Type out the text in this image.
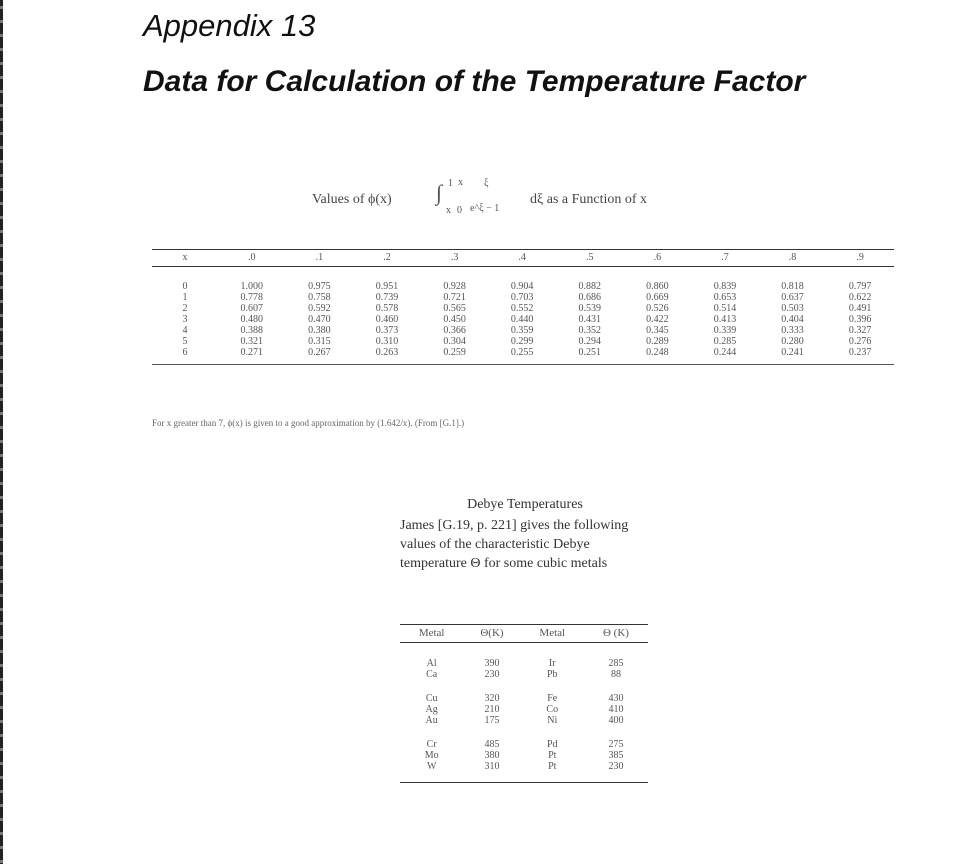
Appendix 13
Data for Calculation of the Temperature Factor
Values of ϕ(x)
1
x
∫ x
0
ξ
e^ξ − 1
dξ as a Function of x
x	.0	.1	.2	.3	.4	.5	.6	.7	.8	.9
0	1.000	0.975	0.951	0.928	0.904	0.882	0.860	0.839	0.818	0.797
1	0.778	0.758	0.739	0.721	0.703	0.686	0.669	0.653	0.637	0.622
2	0.607	0.592	0.578	0.565	0.552	0.539	0.526	0.514	0.503	0.491
3	0.480	0.470	0.460	0.450	0.440	0.431	0.422	0.413	0.404	0.396
4	0.388	0.380	0.373	0.366	0.359	0.352	0.345	0.339	0.333	0.327
5	0.321	0.315	0.310	0.304	0.299	0.294	0.289	0.285	0.280	0.276
6	0.271	0.267	0.263	0.259	0.255	0.251	0.248	0.244	0.241	0.237
For x greater than 7, ϕ(x) is given to a good approximation by (1.642/x). (From [G.1].)
Debye Temperatures
James [G.19, p. 221] gives the following values of the characteristic Debye temperature Θ for some cubic metals
Metal	Θ(K)	Metal	Θ (K)
Al	390	Ir	285
Ca	230	Pb	88
Cu	320	Fe	430
Ag	210	Co	410
Au	175	Ni	400
Cr	485	Pd	275
Mo	380	Pt	385
W	310	Pt	230
